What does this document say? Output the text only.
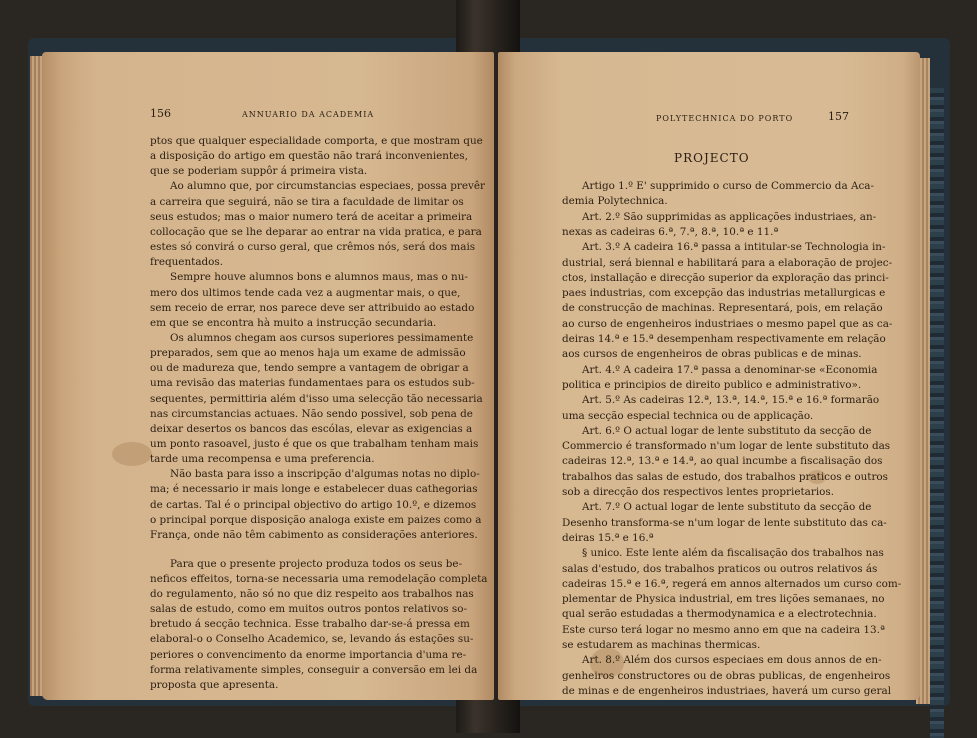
156	ANNUARIO DA ACADEMIA
ptos que qualquer especialidade comporta, e que mostram que
a disposição do artigo em questão não trará inconvenientes,
que se poderiam suppôr á primeira vista.
Ao alumno que, por circumstancias especiaes, possa prevêr
a carreira que seguirá, não se tira a faculdade de limitar os
seus estudos; mas o maior numero terá de aceitar a primeira
collocação que se lhe deparar ao entrar na vida pratica, e para
estes só convirá o curso geral, que crêmos nós, será dos mais
frequentados.
Sempre houve alumnos bons e alumnos maus, mas o nu-
mero dos ultimos tende cada vez a augmentar mais, o que,
sem receio de errar, nos parece deve ser attribuido ao estado
em que se encontra hà muito a instrucção secundaria.
Os alumnos chegam aos cursos superiores pessimamente
preparados, sem que ao menos haja um exame de admissão
ou de madureza que, tendo sempre a vantagem de obrigar a
uma revisão das materias fundamentaes para os estudos sub-
sequentes, permittiria além d'isso uma selecção tão necessaria
nas circumstancias actuaes. Não sendo possivel, sob pena de
deixar desertos os bancos das escólas, elevar as exigencias a
um ponto rasoavel, justo é que os que trabalham tenham mais
tarde uma recompensa e uma preferencia.
Não basta para isso a inscripção d'algumas notas no diplo-
ma; é necessario ir mais longe e estabelecer duas cathegorias
de cartas. Tal é o principal objectivo do artigo 10.º, e dizemos
o principal porque disposição analoga existe em paizes como a
França, onde não têm cabimento as considerações anteriores.
Para que o presente projecto produza todos os seus be-
neficos effeitos, torna-se necessaria uma remodelação completa
do regulamento, não só no que diz respeito aos trabalhos nas
salas de estudo, como em muitos outros pontos relativos so-
bretudo á secção technica. Esse trabalho dar-se-á pressa em
elaboral-o o Conselho Academico, se, levando ás estações su-
periores o convencimento da enorme importancia d'uma re-
forma relativamente simples, conseguir a conversão em lei da
proposta que apresenta.
POLYTECHNICA DO PORTO	157
PROJECTO
Artigo 1.º E' supprimido o curso de Commercio da Aca-
demia Polytechnica.
Art. 2.º São supprimidas as applicações industriaes, an-
nexas as cadeiras 6.ª, 7.ª, 8.ª, 10.ª e 11.ª
Art. 3.º A cadeira 16.ª passa a intitular-se Technologia in-
dustrial, será biennal e habilitará para a elaboração de projec-
ctos, installação e direcção superior da exploração das princi-
paes industrias, com excepção das industrias metallurgicas e
de construcção de machinas. Representará, pois, em relação
ao curso de engenheiros industriaes o mesmo papel que as ca-
deiras 14.ª e 15.ª desempenham respectivamente em relação
aos cursos de engenheiros de obras publicas e de minas.
Art. 4.º A cadeira 17.ª passa a denominar-se «Economia
politica e principios de direito publico e administrativo».
Art. 5.º As cadeiras 12.ª, 13.ª, 14.ª, 15.ª e 16.ª formarão
uma secção especial technica ou de applicação.
Art. 6.º O actual logar de lente substituto da secção de
Commercio é transformado n'um logar de lente substituto das
cadeiras 12.ª, 13.ª e 14.ª, ao qual incumbe a fiscalisação dos
trabalhos das salas de estudo, dos trabalhos praticos e outros
sob a direcção dos respectivos lentes proprietarios.
Art. 7.º O actual logar de lente substituto da secção de
Desenho transforma-se n'um logar de lente substituto das ca-
deiras 15.ª e 16.ª
§ unico. Este lente além da fiscalisação dos trabalhos nas
salas d'estudo, dos trabalhos praticos ou outros relativos ás
cadeiras 15.ª e 16.ª, regerá em annos alternados um curso com-
plementar de Physica industrial, em tres lições semanaes, no
qual serão estudadas a thermodynamica e a electrotechnia.
Este curso terá logar no mesmo anno em que na cadeira 13.ª
se estudarem as machinas thermicas.
Art. 8.º Além dos cursos especiaes em dous annos de en-
genheiros constructores ou de obras publicas, de engenheiros
de minas e de engenheiros industriaes, haverá um curso geral
